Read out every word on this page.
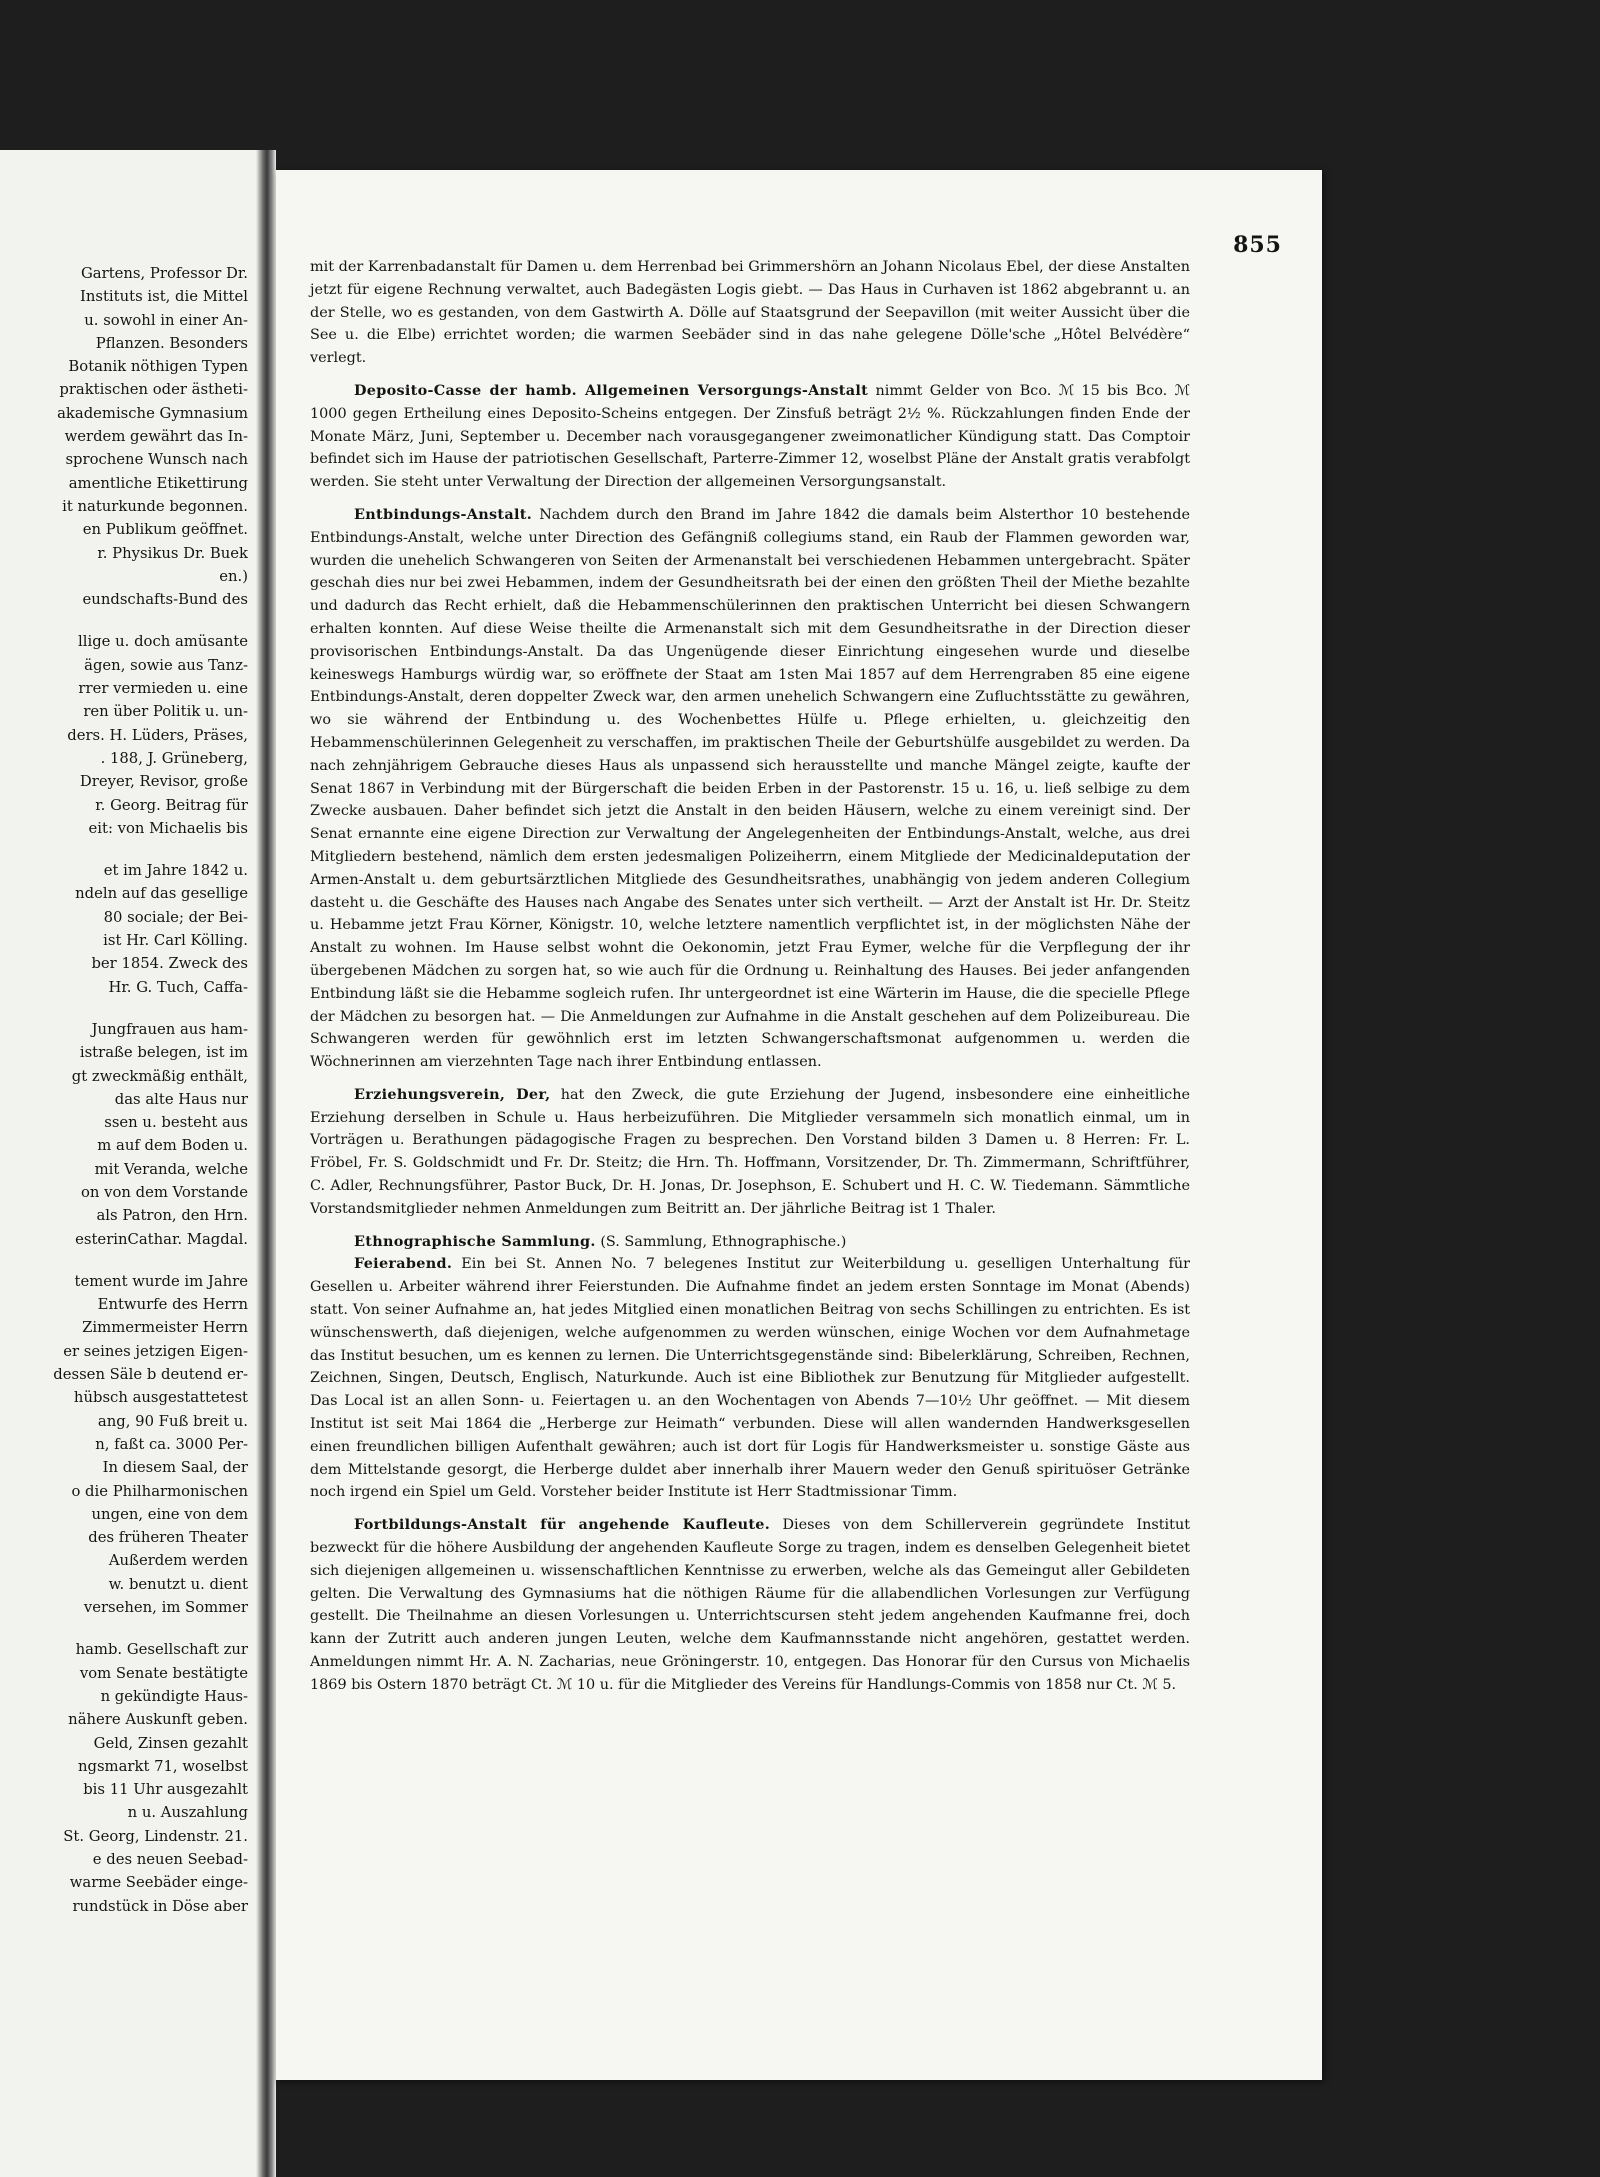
Gartens, Professor Dr.
Instituts ist, die Mittel
u. sowohl in einer An-
Pflanzen. Besonders
Botanik nöthigen Typen
praktischen oder ästheti-
akademische Gymnasium
werdem gewährt das In-
sprochene Wunsch nach
amentliche Etikettirung
it naturkunde begonnen.
en Publikum geöffnet.
r. Physikus Dr. Buek
en.)
eundschafts-Bund des
llige u. doch amüsante
ägen, sowie aus Tanz-
rrer vermieden u. eine
ren über Politik u. un-
ders. H. Lüders, Präses,
. 188, J. Grüneberg,
Dreyer, Revisor, große
r. Georg. Beitrag für
eit: von Michaelis bis
et im Jahre 1842 u.
ndeln auf das gesellige
80 sociale; der Bei-
ist Hr. Carl Kölling.
ber 1854. Zweck des
Hr. G. Tuch, Caffa-
Jungfrauen aus ham-
istraße belegen, ist im
gt zweckmäßig enthält,
das alte Haus nur
ssen u. besteht aus
m auf dem Boden u.
mit Veranda, welche
on von dem Vorstande
als Patron, den Hrn.
esterinCathar. Magdal.
tement wurde im Jahre
Entwurfe des Herrn
Zimmermeister Herrn
er seines jetzigen Eigen-
dessen Säle b deutend er-
hübsch ausgestattetest
ang, 90 Fuß breit u.
n, faßt ca. 3000 Per-
In diesem Saal, der
o die Philharmonischen
ungen, eine von dem
des früheren Theater
Außerdem werden
w. benutzt u. dient
versehen, im Sommer
hamb. Gesellschaft zur
vom Senate bestätigte
n gekündigte Haus-
nähere Auskunft geben.
Geld, Zinsen gezahlt
ngsmarkt 71, woselbst
bis 11 Uhr ausgezahlt
n u. Auszahlung
St. Georg, Lindenstr. 21.
e des neuen Seebad-
warme Seebäder einge-
rundstück in Döse aber
855

mit der Karrenbadanstalt für Damen u. dem Herrenbad bei Grimmershörn an Johann Nicolaus Ebel, der diese Anstalten jetzt für eigene Rechnung verwaltet, auch Badegästen Logis giebt. — Das Haus in Curhaven ist 1862 abgebrannt u. an der Stelle, wo es gestanden, von dem Gastwirth A. Dölle auf Staatsgrund der Seepavillon (mit weiter Aussicht über die See u. die Elbe) errichtet worden; die warmen Seebäder sind in das nahe gelegene Dölle'sche „Hôtel Belvédère“ verlegt.

Deposito-Casse der hamb. Allgemeinen Versorgungs-Anstalt nimmt Gelder von Bco. ℳ 15 bis Bco. ℳ 1000 gegen Ertheilung eines Deposito-Scheins entgegen. Der Zinsfuß beträgt 2½ %. Rückzahlungen finden Ende der Monate März, Juni, September u. December nach vorausgegangener zweimonatlicher Kündigung statt. Das Comptoir befindet sich im Hause der patriotischen Gesellschaft, Parterre-Zimmer 12, woselbst Pläne der Anstalt gratis verabfolgt werden. Sie steht unter Verwaltung der Direction der allgemeinen Versorgungsanstalt.

Entbindungs-Anstalt. Nachdem durch den Brand im Jahre 1842 die damals beim Alsterthor 10 bestehende Entbindungs-Anstalt, welche unter Direction des Gefängniß collegiums stand, ein Raub der Flammen geworden war, wurden die unehelich Schwangeren von Seiten der Armenanstalt bei verschiedenen Hebammen untergebracht. Später geschah dies nur bei zwei Hebammen, indem der Gesundheitsrath bei der einen den größten Theil der Miethe bezahlte und dadurch das Recht erhielt, daß die Hebammenschülerinnen den praktischen Unterricht bei diesen Schwangern erhalten konnten. Auf diese Weise theilte die Armenanstalt sich mit dem Gesundheitsrathe in der Direction dieser provisorischen Entbindungs-Anstalt. Da das Ungenügende dieser Einrichtung eingesehen wurde und dieselbe keineswegs Hamburgs würdig war, so eröffnete der Staat am 1sten Mai 1857 auf dem Herrengraben 85 eine eigene Entbindungs-Anstalt, deren doppelter Zweck war, den armen unehelich Schwangern eine Zufluchtsstätte zu gewähren, wo sie während der Entbindung u. des Wochenbettes Hülfe u. Pflege erhielten, u. gleichzeitig den Hebammenschülerinnen Gelegenheit zu verschaffen, im praktischen Theile der Geburtshülfe ausgebildet zu werden. Da nach zehnjährigem Gebrauche dieses Haus als unpassend sich herausstellte und manche Mängel zeigte, kaufte der Senat 1867 in Verbindung mit der Bürgerschaft die beiden Erben in der Pastorenstr. 15 u. 16, u. ließ selbige zu dem Zwecke ausbauen. Daher befindet sich jetzt die Anstalt in den beiden Häusern, welche zu einem vereinigt sind. Der Senat ernannte eine eigene Direction zur Verwaltung der Angelegenheiten der Entbindungs-Anstalt, welche, aus drei Mitgliedern bestehend, nämlich dem ersten jedesmaligen Polizeiherrn, einem Mitgliede der Medicinaldeputation der Armen-Anstalt u. dem geburtsärztlichen Mitgliede des Gesundheitsrathes, unabhängig von jedem anderen Collegium dasteht u. die Geschäfte des Hauses nach Angabe des Senates unter sich vertheilt. — Arzt der Anstalt ist Hr. Dr. Steitz u. Hebamme jetzt Frau Körner, Königstr. 10, welche letztere namentlich verpflichtet ist, in der möglichsten Nähe der Anstalt zu wohnen. Im Hause selbst wohnt die Oekonomin, jetzt Frau Eymer, welche für die Verpflegung der ihr übergebenen Mädchen zu sorgen hat, so wie auch für die Ordnung u. Reinhaltung des Hauses. Bei jeder anfangenden Entbindung läßt sie die Hebamme sogleich rufen. Ihr untergeordnet ist eine Wärterin im Hause, die die specielle Pflege der Mädchen zu besorgen hat. — Die Anmeldungen zur Aufnahme in die Anstalt geschehen auf dem Polizeibureau. Die Schwangeren werden für gewöhnlich erst im letzten Schwangerschaftsmonat aufgenommen u. werden die Wöchnerinnen am vierzehnten Tage nach ihrer Entbindung entlassen.

Erziehungsverein, Der, hat den Zweck, die gute Erziehung der Jugend, insbesondere eine einheitliche Erziehung derselben in Schule u. Haus herbeizuführen. Die Mitglieder versammeln sich monatlich einmal, um in Vorträgen u. Berathungen pädagogische Fragen zu besprechen. Den Vorstand bilden 3 Damen u. 8 Herren: Fr. L. Fröbel, Fr. S. Goldschmidt und Fr. Dr. Steitz; die Hrn. Th. Hoffmann, Vorsitzender, Dr. Th. Zimmermann, Schriftführer, C. Adler, Rechnungsführer, Pastor Buck, Dr. H. Jonas, Dr. Josephson, E. Schubert und H. C. W. Tiedemann. Sämmtliche Vorstandsmitglieder nehmen Anmeldungen zum Beitritt an. Der jährliche Beitrag ist 1 Thaler.

Ethnographische Sammlung. (S. Sammlung, Ethnographische.)

Feierabend. Ein bei St. Annen No. 7 belegenes Institut zur Weiterbildung u. geselligen Unterhaltung für Gesellen u. Arbeiter während ihrer Feierstunden. Die Aufnahme findet an jedem ersten Sonntage im Monat (Abends) statt. Von seiner Aufnahme an, hat jedes Mitglied einen monatlichen Beitrag von sechs Schillingen zu entrichten. Es ist wünschenswerth, daß diejenigen, welche aufgenommen zu werden wünschen, einige Wochen vor dem Aufnahmetage das Institut besuchen, um es kennen zu lernen. Die Unterrichtsgegenstände sind: Bibelerklärung, Schreiben, Rechnen, Zeichnen, Singen, Deutsch, Englisch, Naturkunde. Auch ist eine Bibliothek zur Benutzung für Mitglieder aufgestellt. Das Local ist an allen Sonn- u. Feiertagen u. an den Wochentagen von Abends 7—10½ Uhr geöffnet. — Mit diesem Institut ist seit Mai 1864 die „Herberge zur Heimath“ verbunden. Diese will allen wandernden Handwerksgesellen einen freundlichen billigen Aufenthalt gewähren; auch ist dort für Logis für Handwerksmeister u. sonstige Gäste aus dem Mittelstande gesorgt, die Herberge duldet aber innerhalb ihrer Mauern weder den Genuß spirituöser Getränke noch irgend ein Spiel um Geld. Vorsteher beider Institute ist Herr Stadtmissionar Timm.

Fortbildungs-Anstalt für angehende Kaufleute. Dieses von dem Schillerverein gegründete Institut bezweckt für die höhere Ausbildung der angehenden Kaufleute Sorge zu tragen, indem es denselben Gelegenheit bietet sich diejenigen allgemeinen u. wissenschaftlichen Kenntnisse zu erwerben, welche als das Gemeingut aller Gebildeten gelten. Die Verwaltung des Gymnasiums hat die nöthigen Räume für die allabendlichen Vorlesungen zur Verfügung gestellt. Die Theilnahme an diesen Vorlesungen u. Unterrichtscursen steht jedem angehenden Kaufmanne frei, doch kann der Zutritt auch anderen jungen Leuten, welche dem Kaufmannsstande nicht angehören, gestattet werden. Anmeldungen nimmt Hr. A. N. Zacharias, neue Gröningerstr. 10, entgegen. Das Honorar für den Cursus von Michaelis 1869 bis Ostern 1870 beträgt Ct. ℳ 10 u. für die Mitglieder des Vereins für Handlungs-Commis von 1858 nur Ct. ℳ 5.
